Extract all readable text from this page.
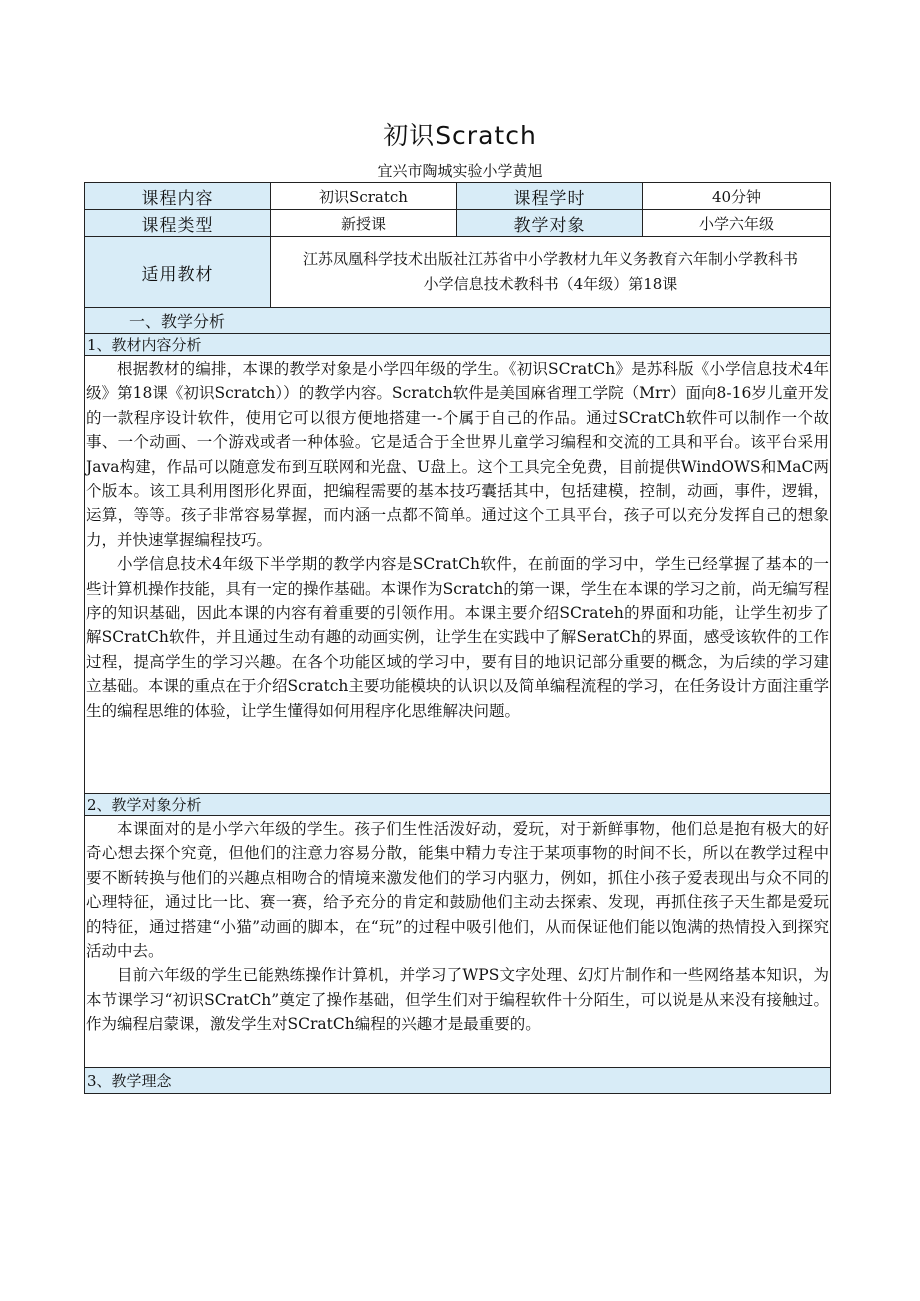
初识Scratch
宜兴市陶城实验小学黄旭
课程内容	初识Scratch	课程学时	40分钟
课程类型	新授课	教学对象	小学六年级
适用教材	江苏凤凰科学技术出版社江苏省中小学教材九年义务教育六年制小学教科书
小学信息技术教科书（4年级）第18课		

一、教学分析			
1、教材内容分析			

根据教材的编排，本课的教学对象是小学四年级的学生。《初识SCratCh》是苏科版《小学信息技术4年级》第18课《初识Scratch））的教学内容。Scratch软件是美国麻省理工学院（Mrr）面向8-16岁儿童开发的一款程序设计软件，使用它可以很方便地搭建一-个属于自己的作品。通过SCratCh软件可以制作一个故事、一个动画、一个游戏或者一种体验。它是适合于全世界儿童学习编程和交流的工具和平台。该平台采用Java构建，作品可以随意发布到互联网和光盘、U盘上。这个工具完全免费，目前提供WindOWS和MaC两个版本。该工具利用图形化界面，把编程需要的基本技巧囊括其中，包括建模，控制，动画，事件，逻辑，运算，等等。孩子非常容易掌握，而内涵一点都不简单。通过这个工具平台，孩子可以充分发挥自己的想象力，并快速掌握编程技巧。

小学信息技术4年级下半学期的教学内容是SCratCh软件，在前面的学习中，学生已经掌握了基本的一些计算机操作技能，具有一定的操作基础。本课作为Scratch的第一课，学生在本课的学习之前，尚无编写程序的知识基础，因此本课的内容有着重要的引领作用。本课主要介绍SCrateh的界面和功能，让学生初步了解SCratCh软件，并且通过生动有趣的动画实例，让学生在实践中了解SeratCh的界面，感受该软件的工作过程，提高学生的学习兴趣。在各个功能区域的学习中，要有目的地识记部分重要的概念，为后续的学习建立基础。本课的重点在于介绍Scratch主要功能模块的认识以及简单编程流程的学习，在任务设计方面注重学生的编程思维的体验，让学生懂得如何用程序化思维解决问题。			

2、教学对象分析			

本课面对的是小学六年级的学生。孩子们生性活泼好动，爱玩，对于新鲜事物，他们总是抱有极大的好奇心想去探个究竟，但他们的注意力容易分散，能集中精力专注于某项事物的时间不长，所以在教学过程中要不断转换与他们的兴趣点相吻合的情境来激发他们的学习内驱力，例如，抓住小孩子爱表现出与众不同的心理特征，通过比一比、赛一赛，给予充分的肯定和鼓励他们主动去探索、发现，再抓住孩子天生都是爱玩的特征，通过搭建“小猫”动画的脚本，在“玩”的过程中吸引他们，从而保证他们能以饱满的热情投入到探究活动中去。

目前六年级的学生已能熟练操作计算机，并学习了WPS文字处理、幻灯片制作和一些网络基本知识，为本节课学习“初识SCratCh”奠定了操作基础，但学生们对于编程软件十分陌生，可以说是从来没有接触过。作为编程启蒙课，激发学生对SCratCh编程的兴趣才是最重要的。			

3、教学理念			
